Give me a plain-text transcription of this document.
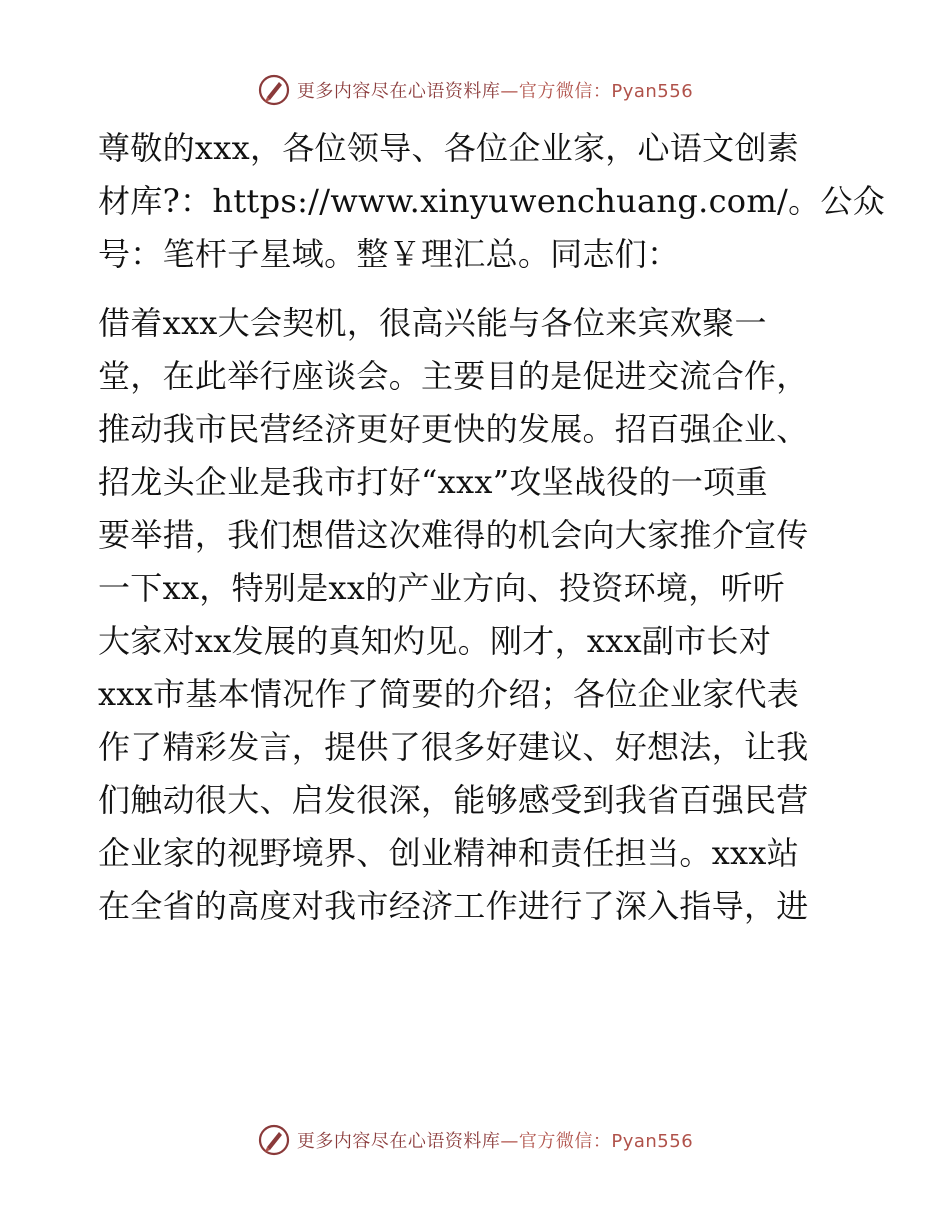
更多内容尽在心语资料库—官方微信：Pyan556
尊敬的xxx，各位领导、各位企业家，心语文创素
材库?：https://www.xinyuwenchuang.com/。公众
号：笔杆子星域。整￥理汇总。同志们：
借着xxx大会契机，很高兴能与各位来宾欢聚一
堂，在此举行座谈会。主要目的是促进交流合作，
推动我市民营经济更好更快的发展。招百强企业、
招龙头企业是我市打好“xxx”攻坚战役的一项重
要举措，我们想借这次难得的机会向大家推介宣传
一下xx，特别是xx的产业方向、投资环境，听听
大家对xx发展的真知灼见。刚才，xxx副市长对
xxx市基本情况作了简要的介绍；各位企业家代表
作了精彩发言，提供了很多好建议、好想法，让我
们触动很大、启发很深，能够感受到我省百强民营
企业家的视野境界、创业精神和责任担当。xxx站
在全省的高度对我市经济工作进行了深入指导，进
更多内容尽在心语资料库—官方微信：Pyan556
